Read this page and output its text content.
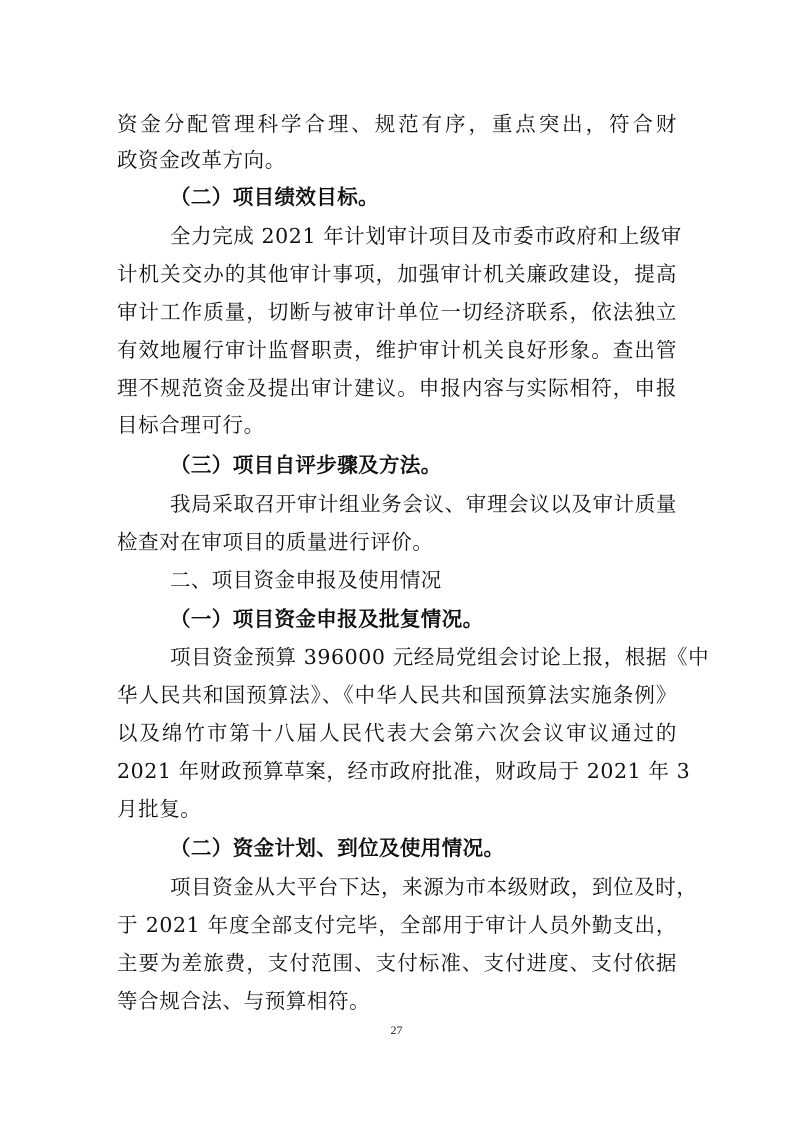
资金分配管理科学合理、规范有序，重点突出，符合财
政资金改革方向。
（二）项目绩效目标。
全力完成 2021 年计划审计项目及市委市政府和上级审
计机关交办的其他审计事项，加强审计机关廉政建设，提高
审计工作质量，切断与被审计单位一切经济联系，依法独立
有效地履行审计监督职责，维护审计机关良好形象。查出管
理不规范资金及提出审计建议。申报内容与实际相符，申报
目标合理可行。
（三）项目自评步骤及方法。
我局采取召开审计组业务会议、审理会议以及审计质量
检查对在审项目的质量进行评价。
二、项目资金申报及使用情况
（一）项目资金申报及批复情况。
项目资金预算 396000 元经局党组会讨论上报，根据《中
华人民共和国预算法》、《中华人民共和国预算法实施条例》
以及绵竹市第十八届人民代表大会第六次会议审议通过的
2021 年财政预算草案，经市政府批准，财政局于 2021 年 3
月批复。
（二）资金计划、到位及使用情况。
项目资金从大平台下达，来源为市本级财政，到位及时，
于 2021 年度全部支付完毕，全部用于审计人员外勤支出，
主要为差旅费，支付范围、支付标准、支付进度、支付依据
等合规合法、与预算相符。
27
